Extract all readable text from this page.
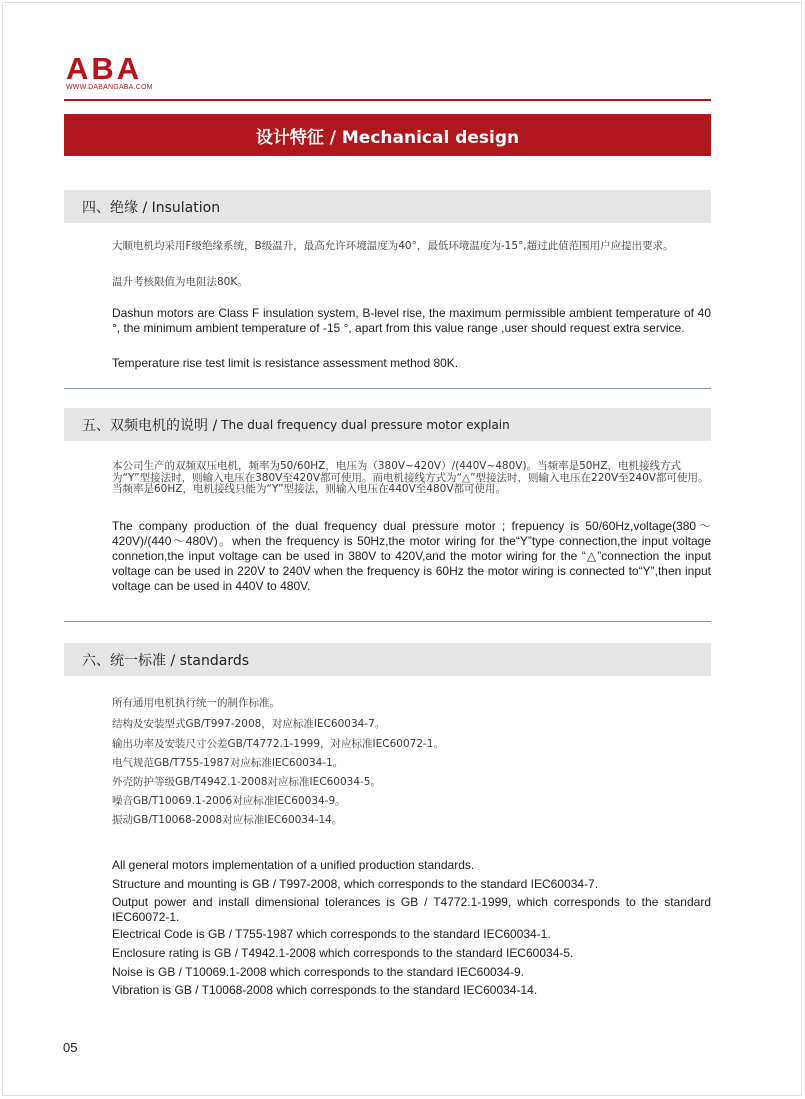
ABA
WWW.DABANGABA.COM
设计特征 / Mechanical design
四、绝缘 / Insulation

大顺电机均采用F级绝缘系统，B级温升，最高允许环境温度为40°，最低环境温度为-15°,超过此值范围用户应提出要求。

温升考核限值为电阻法80K。

Dashun motors are Class F insulation system, B-level rise, the maximum permissible ambient temperature of 40 °, the minimum ambient temperature of -15 °, apart from this value range ,user should request extra service.

Temperature rise test limit is resistance assessment method 80K.

五、双频电机的说明 / The dual frequency dual pressure motor explain

本公司生产的双频双压电机，频率为50/60HZ，电压为（380V~420V）/(440V~480V)。当频率是50HZ，电机接线方式为“Y”型接法时，则输入电压在380V至420V都可使用。而电机接线方式为“△”型接法时，则输入电压在220V至240V都可使用。当频率是60HZ，电机接线只能为“Y”型接法，则输入电压在440V至480V都可使用。

The company production of the dual frequency dual pressure motor ; frepuency is 50/60Hz,voltage(380～420V)/(440～480V)。when the frequency is 50Hz,the motor wiring for the“Y”type connection,the input voltage connetion,the input voltage can be used in 380V to 420V,and the motor wiring for the “△”connection the input voltage can be used in 220V to 240V when the frequency is 60Hz the motor wiring is connected to“Y”,then input voltage can be used in 440V to 480V.

六、统一标准 / standards

所有通用电机执行统一的制作标准。

结构及安装型式GB/T997-2008，对应标准IEC60034-7。

输出功率及安装尺寸公差GB/T4772.1-1999，对应标准IEC60072-1。

电气规范GB/T755-1987对应标准IEC60034-1。

外壳防护等级GB/T4942.1-2008对应标准IEC60034-5。

噪音GB/T10069.1-2006对应标准IEC60034-9。

振动GB/T10068-2008对应标准IEC60034-14。

All general motors implementation of a unified production standards.

Structure and mounting is GB / T997-2008, which corresponds to the standard IEC60034-7.

Output power and install dimensional tolerances is GB / T4772.1-1999, which corresponds to the standard IEC60072-1.

Electrical Code is GB / T755-1987 which corresponds to the standard IEC60034-1.

Enclosure rating is GB / T4942.1-2008 which corresponds to the standard IEC60034-5.

Noise is GB / T10069.1-2008 which corresponds to the standard IEC60034-9.

Vibration is GB / T10068-2008 which corresponds to the standard IEC60034-14.

05
